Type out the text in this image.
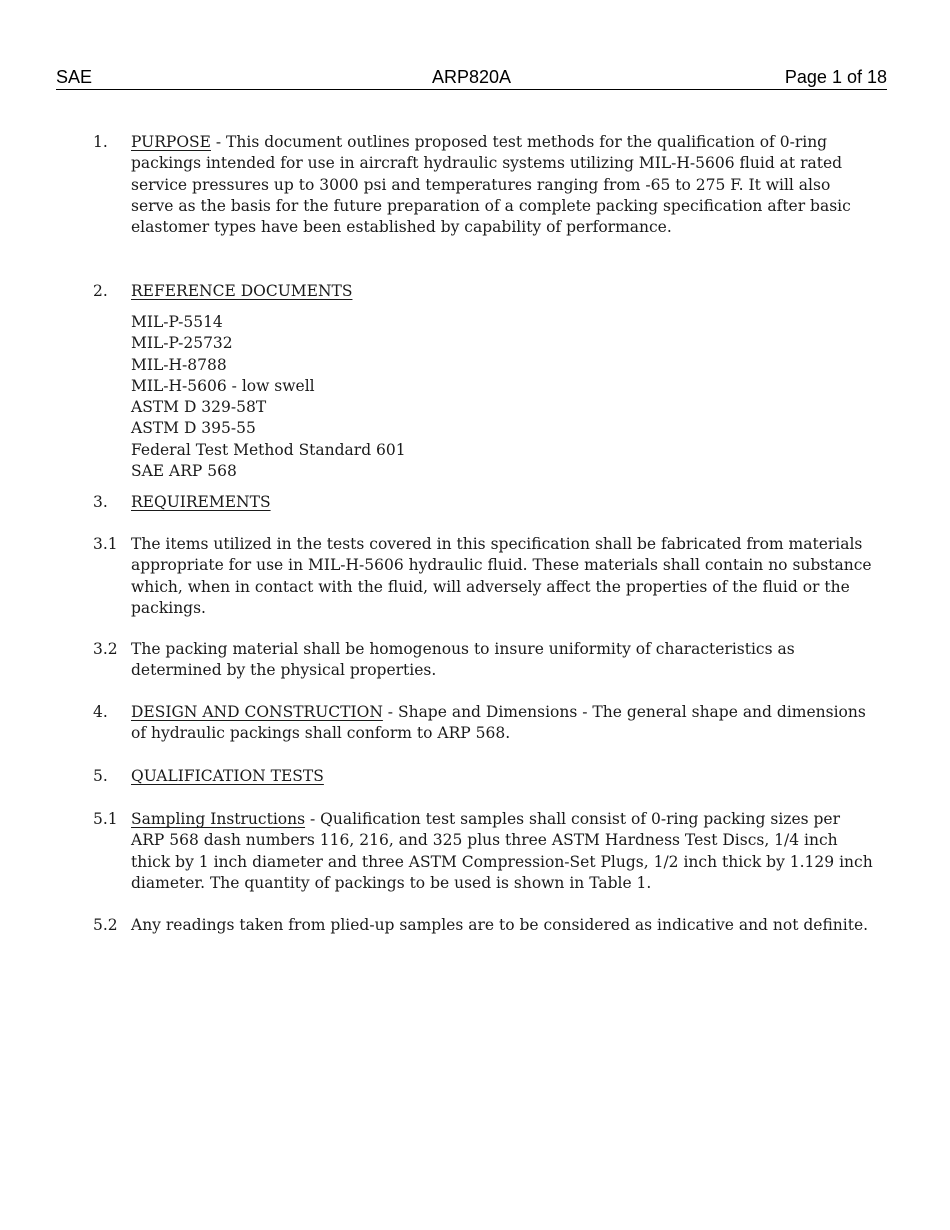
SAE	ARP820A	Page 1 of 18
1. PURPOSE - This document outlines proposed test methods for the qualification of 0-ring packings intended for use in aircraft hydraulic systems utilizing MIL-H-5606 fluid at rated service pressures up to 3000 psi and temperatures ranging from -65 to 275 F. It will also serve as the basis for the future preparation of a complete packing specification after basic elastomer types have been established by capability of performance.
2. REFERENCE DOCUMENTS
MIL-P-5514
MIL-P-25732
MIL-H-8788
MIL-H-5606 - low swell
ASTM D 329-58T
ASTM D 395-55
Federal Test Method Standard 601
SAE ARP 568
3. REQUIREMENTS
3.1 The items utilized in the tests covered in this specification shall be fabricated from materials appropriate for use in MIL-H-5606 hydraulic fluid. These materials shall contain no substance which, when in contact with the fluid, will adversely affect the properties of the fluid or the packings.
3.2 The packing material shall be homogenous to insure uniformity of characteristics as determined by the physical properties.
4. DESIGN AND CONSTRUCTION - Shape and Dimensions - The general shape and dimensions of hydraulic packings shall conform to ARP 568.
5. QUALIFICATION TESTS
5.1 Sampling Instructions - Qualification test samples shall consist of 0-ring packing sizes per ARP 568 dash numbers 116, 216, and 325 plus three ASTM Hardness Test Discs, 1/4 inch thick by 1 inch diameter and three ASTM Compression-Set Plugs, 1/2 inch thick by 1.129 inch diameter. The quantity of packings to be used is shown in Table 1.
5.2 Any readings taken from plied-up samples are to be considered as indicative and not definite.
